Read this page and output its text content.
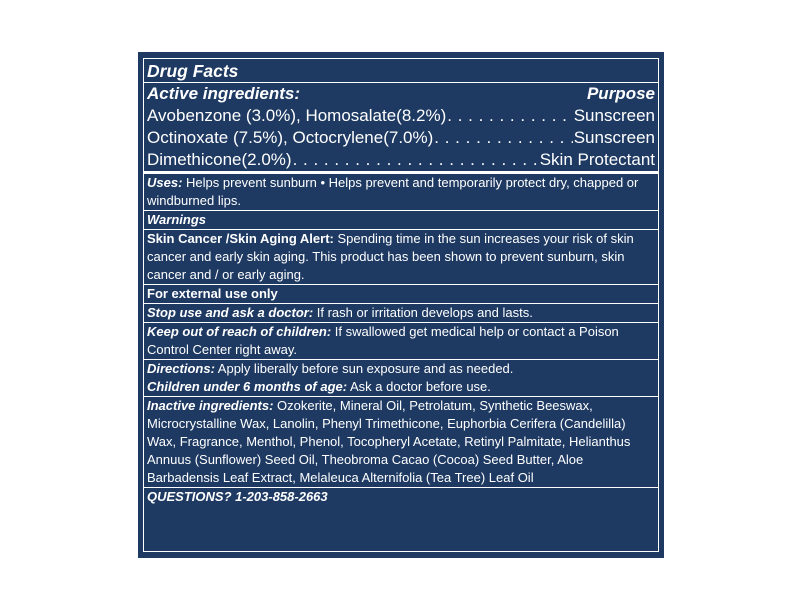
Drug Facts
Active ingredients:	Purpose
Avobenzone (3.0%), Homosalate(8.2%) . . .	Sunscreen
Octinoxate (7.5%), Octocrylene(7.0%) . . .	Sunscreen
Dimethicone(2.0%) . . .	Skin Protectant
Uses: Helps prevent sunburn • Helps prevent and temporarily protect dry, chapped or windburned lips.
Warnings
Skin Cancer /Skin Aging Alert: Spending time in the sun increases your risk of skin cancer and early skin aging. This product has been shown to prevent sunburn, skin cancer and / or early aging.
For external use only
Stop use and ask a doctor: If rash or irritation develops and lasts.
Keep out of reach of children: If swallowed get medical help or contact a Poison Control Center right away.
Directions: Apply liberally before sun exposure and as needed.
Children under 6 months of age: Ask a doctor before use.
Inactive ingredients: Ozokerite, Mineral Oil, Petrolatum, Synthetic Beeswax, Microcrystalline Wax, Lanolin, Phenyl Trimethicone, Euphorbia Cerifera (Candelilla) Wax, Fragrance, Menthol, Phenol, Tocopheryl Acetate, Retinyl Palmitate, Helianthus Annuus (Sunflower) Seed Oil, Theobroma Cacao (Cocoa) Seed Butter, Aloe Barbadensis Leaf Extract, Melaleuca Alternifolia (Tea Tree) Leaf Oil
QUESTIONS? 1-203-858-2663
